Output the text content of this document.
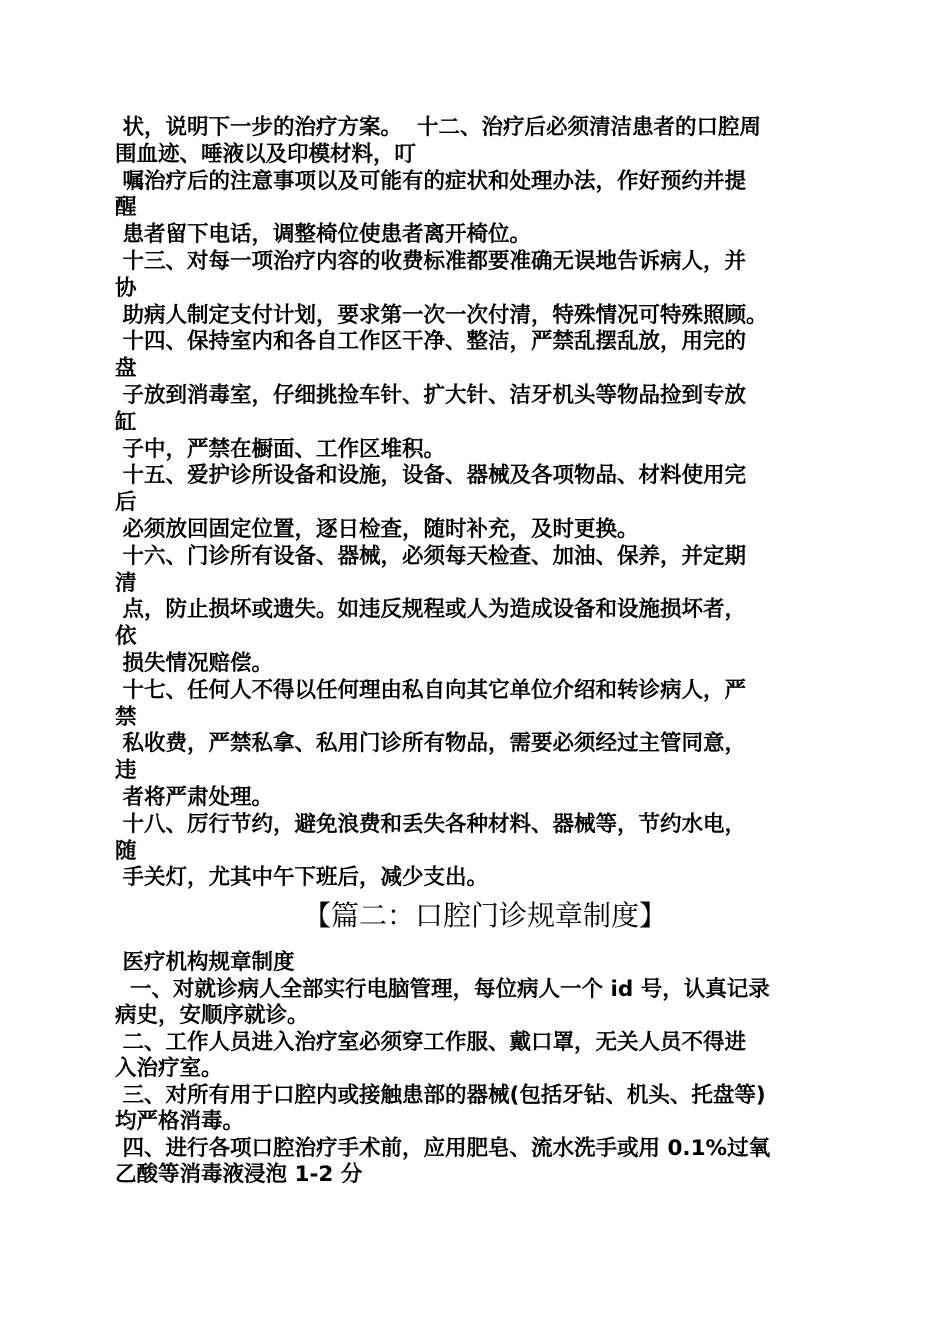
状，说明下一步的治疗方案。  十二、治疗后必须清洁患者的口腔周
围血迹、唾液以及印模材料，叮
嘱治疗后的注意事项以及可能有的症状和处理办法，作好预约并提
醒
患者留下电话，调整椅位使患者离开椅位。
十三、对每一项治疗内容的收费标准都要准确无误地告诉病人，并
协
助病人制定支付计划，要求第一次一次付清，特殊情况可特殊照顾。
十四、保持室内和各自工作区干净、整洁，严禁乱摆乱放，用完的
盘
子放到消毒室，仔细挑捡车针、扩大针、洁牙机头等物品捡到专放
缸
子中，严禁在橱面、工作区堆积。
十五、爱护诊所设备和设施，设备、器械及各项物品、材料使用完
后
必须放回固定位置，逐日检查，随时补充，及时更换。
十六、门诊所有设备、器械，必须每天检查、加油、保养，并定期
清
点，防止损坏或遗失。如违反规程或人为造成设备和设施损坏者，
依
损失情况赔偿。
十七、任何人不得以任何理由私自向其它单位介绍和转诊病人，严
禁
私收费，严禁私拿、私用门诊所有物品，需要必须经过主管同意，
违
者将严肃处理。
十八、厉行节约，避免浪费和丢失各种材料、器械等，节约水电，
随
手关灯，尤其中午下班后，减少支出。
【篇二：口腔门诊规章制度】
医疗机构规章制度
一、对就诊病人全部实行电脑管理，每位病人一个 id 号，认真记录
病史，安顺序就诊。
二、工作人员进入治疗室必须穿工作服、戴口罩，无关人员不得进
入治疗室。
三、对所有用于口腔内或接触患部的器械(包括牙钻、机头、托盘等)
均严格消毒。
四、进行各项口腔治疗手术前，应用肥皂、流水洗手或用 0.1%过氧
乙酸等消毒液浸泡 1-2 分
